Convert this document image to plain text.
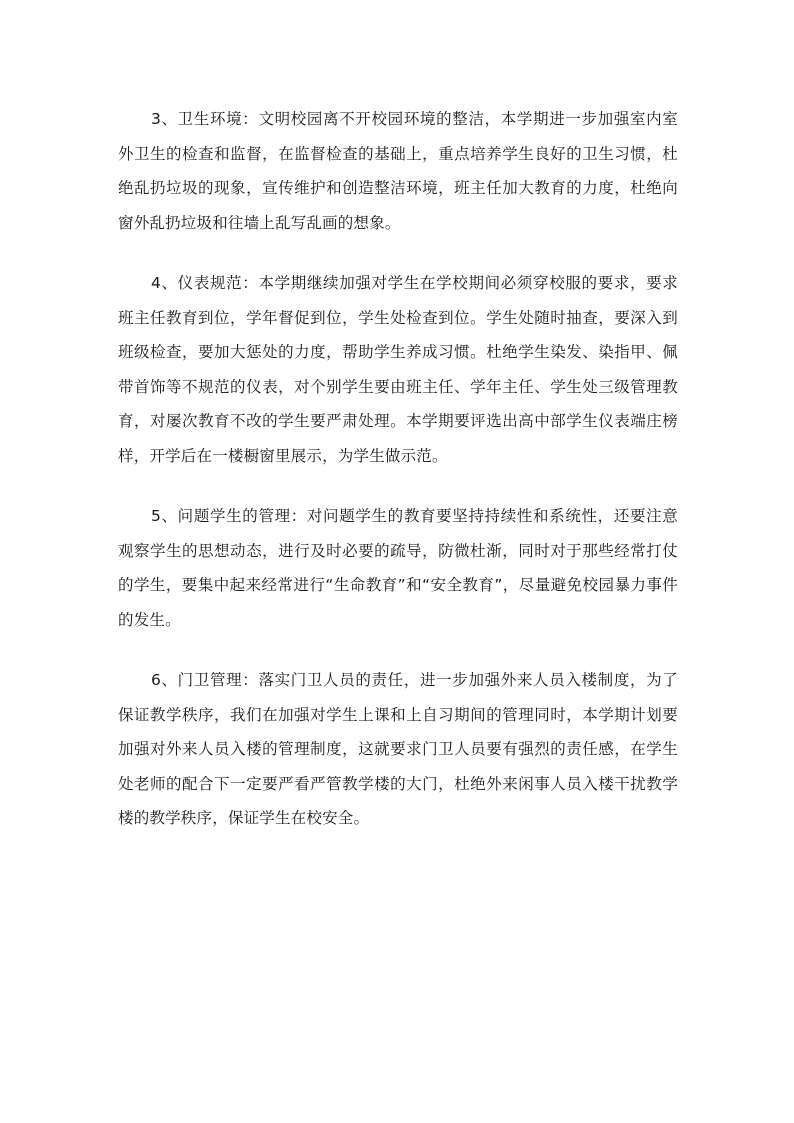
3、卫生环境：文明校园离不开校园环境的整洁，本学期进一步加强室内室外卫生的检查和监督，在监督检查的基础上，重点培养学生良好的卫生习惯，杜绝乱扔垃圾的现象，宣传维护和创造整洁环境，班主任加大教育的力度，杜绝向窗外乱扔垃圾和往墙上乱写乱画的想象。

4、仪表规范：本学期继续加强对学生在学校期间必须穿校服的要求，要求班主任教育到位，学年督促到位，学生处检查到位。学生处随时抽查，要深入到班级检查，要加大惩处的力度，帮助学生养成习惯。杜绝学生染发、染指甲、佩带首饰等不规范的仪表，对个别学生要由班主任、学年主任、学生处三级管理教育，对屡次教育不改的学生要严肃处理。本学期要评选出高中部学生仪表端庄榜样，开学后在一楼橱窗里展示，为学生做示范。

5、问题学生的管理：对问题学生的教育要坚持持续性和系统性，还要注意观察学生的思想动态，进行及时必要的疏导，防微杜渐，同时对于那些经常打仗的学生，要集中起来经常进行“生命教育”和“安全教育”，尽量避免校园暴力事件的发生。

6、门卫管理：落实门卫人员的责任，进一步加强外来人员入楼制度，为了保证教学秩序，我们在加强对学生上课和上自习期间的管理同时，本学期计划要加强对外来人员入楼的管理制度，这就要求门卫人员要有强烈的责任感，在学生处老师的配合下一定要严看严管教学楼的大门，杜绝外来闲事人员入楼干扰教学楼的教学秩序，保证学生在校安全。
